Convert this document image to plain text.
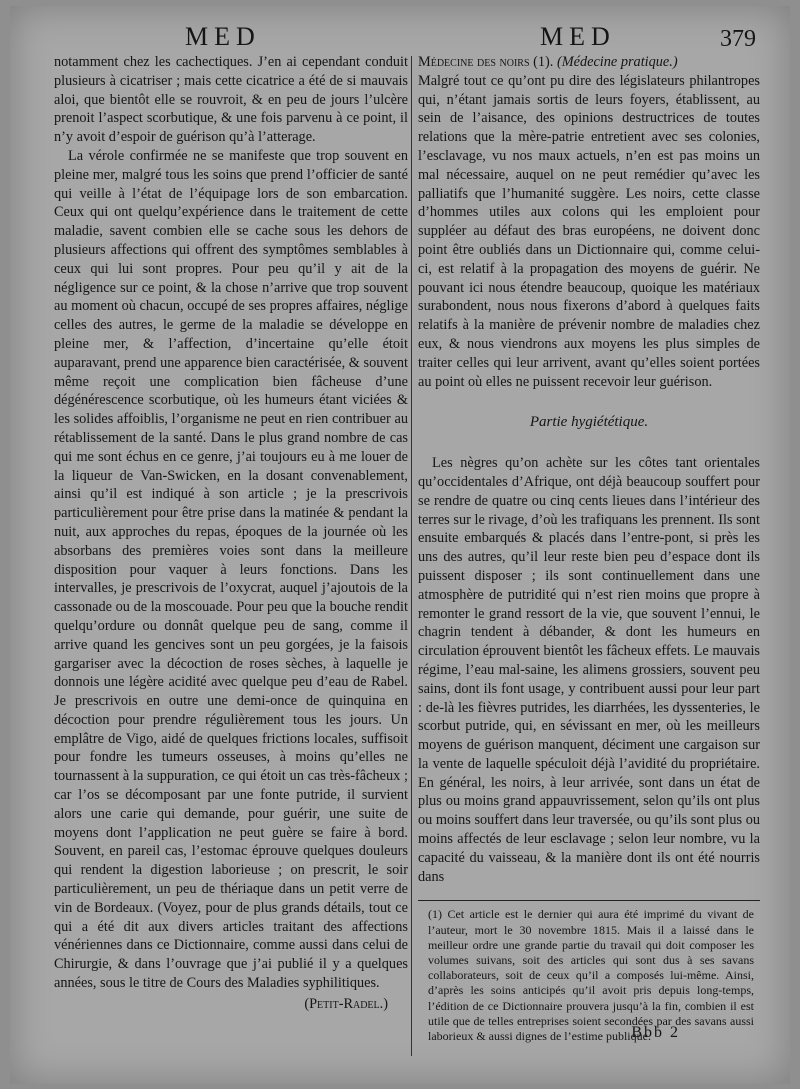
MED	MED	379

notamment chez les cachectiques. J’en ai cependant conduit plusieurs à cicatriser ; mais cette cicatrice a été de si mauvais aloi, que bientôt elle se rouvroit, & en peu de jours l’ulcère prenoit l’aspect scorbutique, & une fois parvenu à ce point, il n’y avoit d’espoir de guérison qu’à l’atterage.

La vérole confirmée ne se manifeste que trop souvent en pleine mer, malgré tous les soins que prend l’officier de santé qui veille à l’état de l’équipage lors de son embarcation. Ceux qui ont quelqu’expérience dans le traitement de cette maladie, savent combien elle se cache sous les dehors de plusieurs affections qui offrent des symptômes semblables à ceux qui lui sont propres. Pour peu qu’il y ait de la négligence sur ce point, & la chose n’arrive que trop souvent au moment où chacun, occupé de ses propres affaires, néglige celles des autres, le germe de la maladie se développe en pleine mer, & l’affection, d’incertaine qu’elle étoit auparavant, prend une apparence bien caractérisée, & souvent même reçoit une complication bien fâcheuse d’une dégénérescence scorbutique, où les humeurs étant viciées & les solides affoiblis, l’organisme ne peut en rien contribuer au rétablissement de la santé. Dans le plus grand nombre de cas qui me sont échus en ce genre, j’ai toujours eu à me louer de la liqueur de Van-Swicken, en la dosant convenablement, ainsi qu’il est indiqué à son article ; je la prescrivois particulièrement pour être prise dans la matinée & pendant la nuit, aux approches du repas, époques de la journée où les absorbans des premières voies sont dans la meilleure disposition pour vaquer à leurs fonctions. Dans les intervalles, je prescrivois de l’oxycrat, auquel j’ajoutois de la cassonade ou de la moscouade. Pour peu que la bouche rendit quelqu’ordure ou donnât quelque peu de sang, comme il arrive quand les gencives sont un peu gorgées, je la faisois gargariser avec la décoction de roses sèches, à laquelle je donnois une légère acidité avec quelque peu d’eau de Rabel. Je prescrivois en outre une demi-once de quinquina en décoction pour prendre régulièrement tous les jours. Un emplâtre de Vigo, aidé de quelques frictions locales, suffisoit pour fondre les tumeurs osseuses, à moins qu’elles ne tournassent à la suppuration, ce qui étoit un cas très-fâcheux ; car l’os se décomposant par une fonte putride, il survient alors une carie qui demande, pour guérir, une suite de moyens dont l’application ne peut guère se faire à bord. Souvent, en pareil cas, l’estomac éprouve quelques douleurs qui rendent la digestion laborieuse ; on prescrit, le soir particulièrement, un peu de thériaque dans un petit verre de vin de Bordeaux. (Voyez, pour de plus grands détails, tout ce qui a été dit aux divers articles traitant des affections vénériennes dans ce Dictionnaire, comme aussi dans celui de Chirurgie, & dans l’ouvrage que j’ai publié il y a quelques années, sous le titre de Cours des Maladies syphilitiques.

(Petit-Radel.)

Médecine des noirs (1). (Médecine pratique.)

Malgré tout ce qu’ont pu dire des législateurs philantropes qui, n’étant jamais sortis de leurs foyers, établissent, au sein de l’aisance, des opinions destructrices de toutes relations que la mère-patrie entretient avec ses colonies, l’esclavage, vu nos maux actuels, n’en est pas moins un mal nécessaire, auquel on ne peut remédier qu’avec les palliatifs que l’humanité suggère. Les noirs, cette classe d’hommes utiles aux colons qui les emploient pour suppléer au défaut des bras européens, ne doivent donc point être oubliés dans un Dictionnaire qui, comme celui-ci, est relatif à la propagation des moyens de guérir. Ne pouvant ici nous étendre beaucoup, quoique les matériaux surabondent, nous nous fixerons d’abord à quelques faits relatifs à la manière de prévenir nombre de maladies chez eux, & nous viendrons aux moyens les plus simples de traiter celles qui leur arrivent, avant qu’elles soient portées au point où elles ne puissent recevoir leur guérison.

Partie hygiététique.

Les nègres qu’on achète sur les côtes tant orientales qu’occidentales d’Afrique, ont déjà beaucoup souffert pour se rendre de quatre ou cinq cents lieues dans l’intérieur des terres sur le rivage, d’où les trafiquans les prennent. Ils sont ensuite embarqués & placés dans l’entre-pont, si près les uns des autres, qu’il leur reste bien peu d’espace dont ils puissent disposer ; ils sont continuellement dans une atmosphère de putridité qui n’est rien moins que propre à remonter le grand ressort de la vie, que souvent l’ennui, le chagrin tendent à débander, & dont les humeurs en circulation éprouvent bientôt les fâcheux effets. Le mauvais régime, l’eau mal-saine, les alimens grossiers, souvent peu sains, dont ils font usage, y contribuent aussi pour leur part : de-là les fièvres putrides, les diarrhées, les dyssenteries, le scorbut putride, qui, en sévissant en mer, où les meilleurs moyens de guérison manquent, déciment une cargaison sur la vente de laquelle spéculoit déjà l’avidité du propriétaire. En général, les noirs, à leur arrivée, sont dans un état de plus ou moins grand appauvrissement, selon qu’ils ont plus ou moins souffert dans leur traversée, ou qu’ils sont plus ou moins affectés de leur esclavage ; selon leur nombre, vu la capacité du vaisseau, & la manière dont ils ont été nourris dans

(1) Cet article est le dernier qui aura été imprimé du vivant de l’auteur, mort le 30 novembre 1815. Mais il a laissé dans le meilleur ordre une grande partie du travail qui doit composer les volumes suivans, soit des articles qui sont dus à ses savans collaborateurs, soit de ceux qu’il a composés lui-même. Ainsi, d’après les soins anticipés qu’il avoit pris depuis long-temps, l’édition de ce Dictionnaire prouvera jusqu’à la fin, combien il est utile que de telles entreprises soient secondées par des savans aussi laborieux & aussi dignes de l’estime publique.

Bbb 2
